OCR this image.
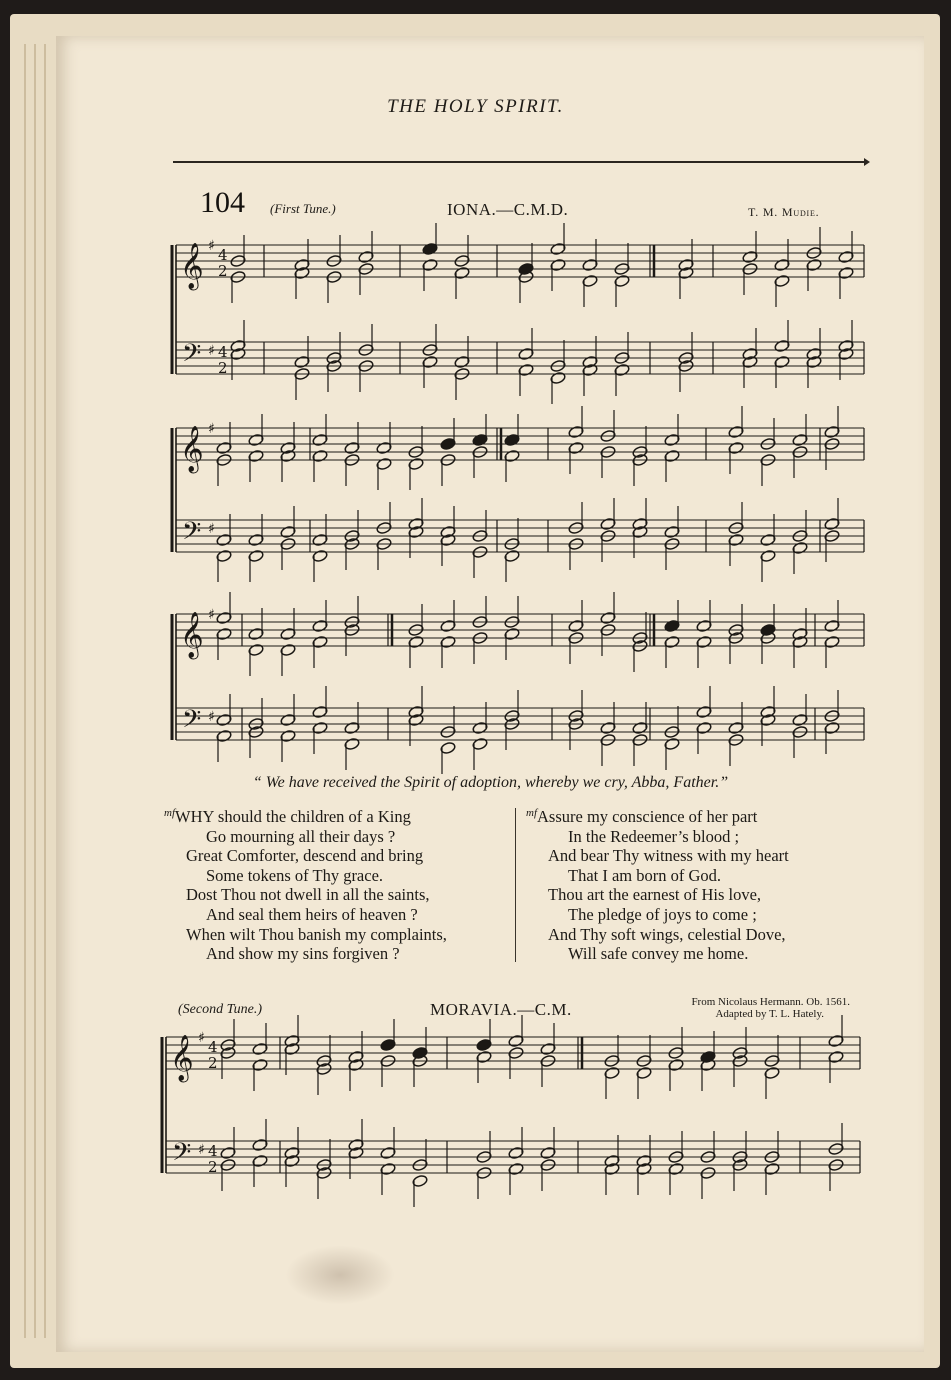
THE HOLY SPIRIT.
104 (First Tune.)	IONA.—C.M.D.	T. M. Mudie.
𝄞
𝄢
♯
♯
4
2
4
2
𝄞
𝄢
♯
♯
𝄞
𝄢
♯
♯
𝄞
𝄢
♯
♯
4
2
4
2
“ We have received the Spirit of adoption, whereby we cry, Abba, Father.”
$^{mf}$WHY should the children of a King
Go mourning all their days ?
Great Comforter, descend and bring
Some tokens of Thy grace.
Dost Thou not dwell in all the saints,
And seal them heirs of heaven ?
When wilt Thou banish my complaints,
And show my sins forgiven ?
$^{mf}$Assure my conscience of her part
In the Redeemer’s blood ;
And bear Thy witness with my heart
That I am born of God.
Thou art the earnest of His love,
The pledge of joys to come ;
And Thy soft wings, celestial Dove,
Will safe convey me home.
(Second Tune.)	MORAVIA.—C.M.	From Nicolaus Hermann. Ob. 1561.
Adapted by T. L. Hately.
